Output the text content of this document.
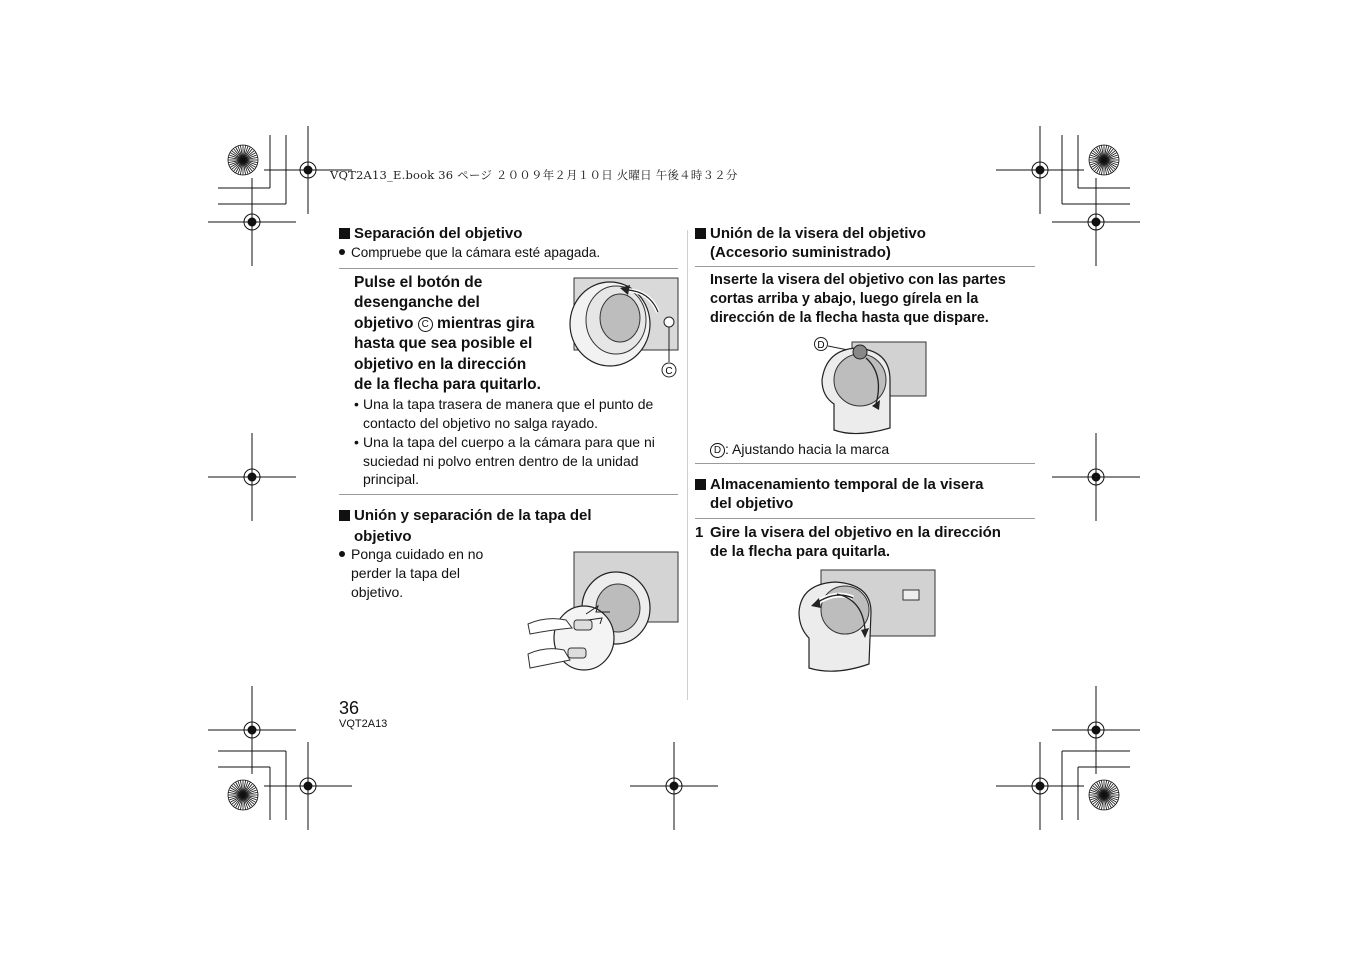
VQT2A13_E.book 36 ページ ２００９年２月１０日 火曜日 午後４時３２分
Separación del objetivo
Compruebe que la cámara esté apagada.
Pulse el botón de
desenganche del
objetivo C mientras gira
hasta que sea posible el
objetivo en la dirección
de la flecha para quitarlo.
C
• Una la tapa trasera de manera que el punto de contacto del objetivo no salga rayado.
• Una la tapa del cuerpo a la cámara para que ni suciedad ni polvo entren dentro de la unidad principal.
Unión y separación de la tapa del
objetivo
Ponga cuidado en no
perder la tapa del
objetivo.
Unión de la visera del objetivo
(Accesorio suministrado)
Inserte la visera del objetivo con las partes
cortas arriba y abajo, luego gírela en la
dirección de la flecha hasta que dispare.
D
D : Ajustando hacia la marca
Almacenamiento temporal de la visera
del objetivo
1 Gire la visera del objetivo en la dirección
de la flecha para quitarla.
36
VQT2A13
